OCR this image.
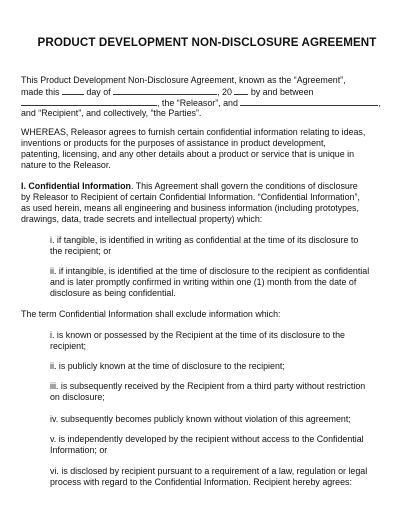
PRODUCT DEVELOPMENT NON-DISCLOSURE AGREEMENT
This Product Development Non-Disclosure Agreement, known as the “Agreement”,
made this	day of	, 20 by and between
, the “Releasor”, and	,
and “Recipient”, and collectively, “the Parties”.
WHEREAS, Releasor agrees to furnish certain confidential information relating to ideas,
inventions or products for the purposes of assistance in product development,
patenting, licensing, and any other details about a product or service that is unique in
nature to the Releasor.
I. Confidential Information. This Agreement shall govern the conditions of disclosure
by Releasor to Recipient of certain Confidential Information. “Confidential Information”,
as used herein, means all engineering and business information (including prototypes,
drawings, data, trade secrets and intellectual property) which:
i. if tangible, is identified in writing as confidential at the time of its disclosure to
the recipient; or
ii. if intangible, is identified at the time of disclosure to the recipient as confidential
and is later promptly confirmed in writing within one (1) month from the date of
disclosure as being confidential.
The term Confidential Information shall exclude information which:
i. is known or possessed by the Recipient at the time of its disclosure to the
recipient;
ii. is publicly known at the time of disclosure to the recipient;
iii. is subsequently received by the Recipient from a third party without restriction
on disclosure;
iv. subsequently becomes publicly known without violation of this agreement;
v. is independently developed by the recipient without access to the Confidential
Information; or
vi. is disclosed by recipient pursuant to a requirement of a law, regulation or legal
process with regard to the Confidential Information. Recipient hereby agrees:
